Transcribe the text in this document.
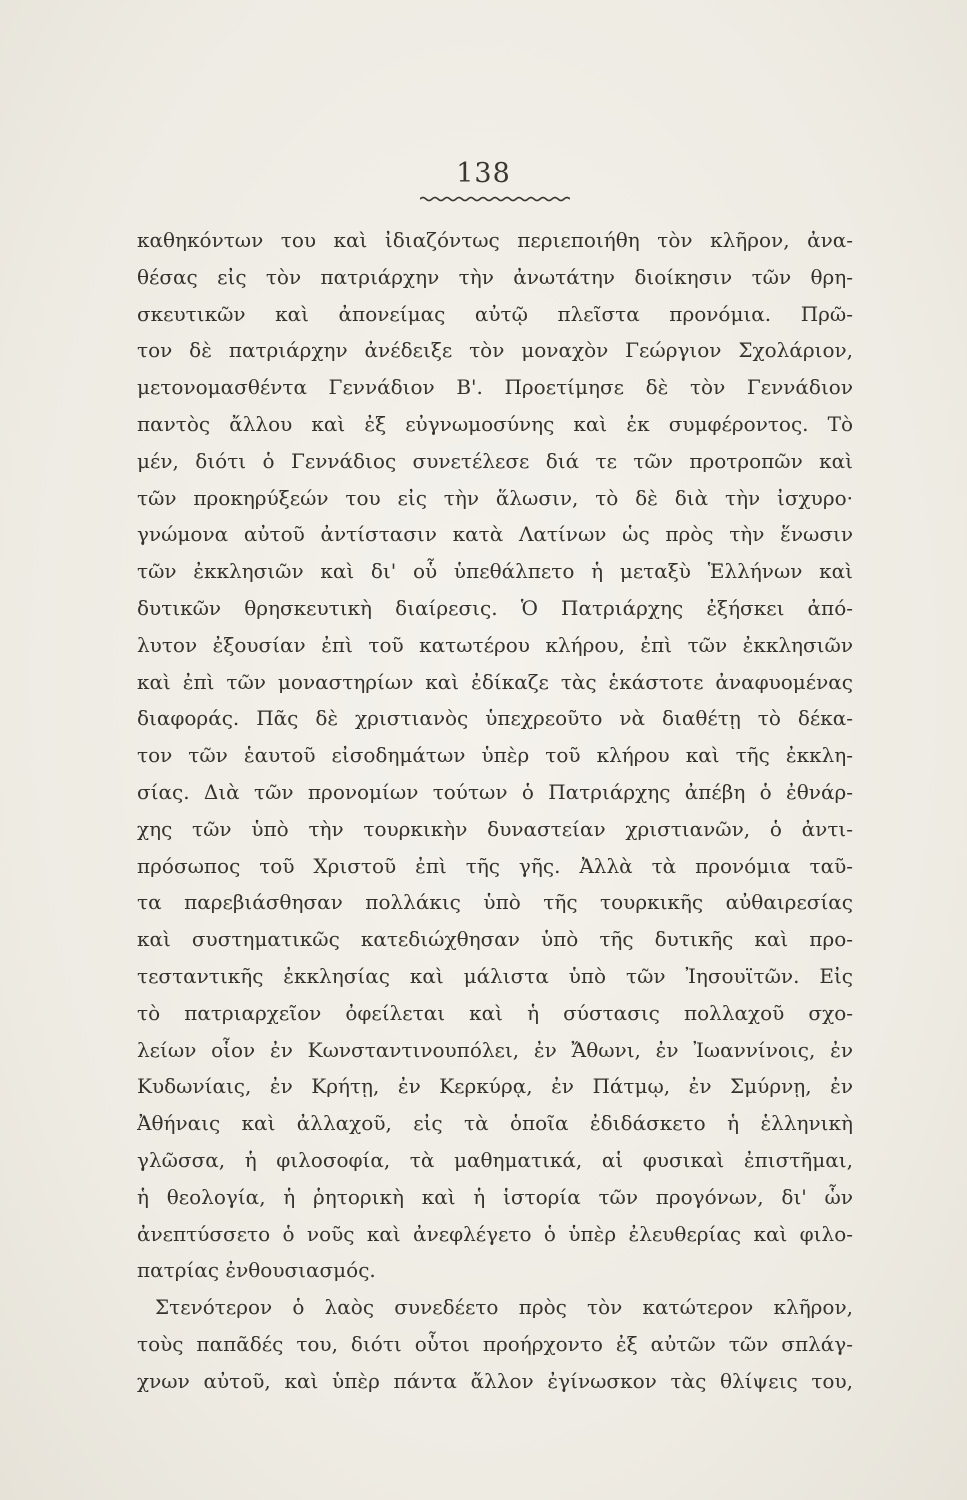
138
καθηκόντων του καὶ ἰδιαζόντως περιεποιήθη τὸν κλῆρον, ἀνα-
θέσας εἰς τὸν πατριάρχην τὴν ἀνωτάτην διοίκησιν τῶν θρη-
σκευτικῶν καὶ ἀπονείμας αὐτῷ πλεῖστα προνόμια. Πρῶ-
τον δὲ πατριάρχην ἀνέδειξε τὸν μοναχὸν Γεώργιον Σχολάριον,
μετονομασθέντα Γεννάδιον Β'. Προετίμησε δὲ τὸν Γεννάδιον
παντὸς ἄλλου καὶ ἐξ εὐγνωμοσύνης καὶ ἐκ συμφέροντος. Τὸ
μέν, διότι ὁ Γεννάδιος συνετέλεσε διά τε τῶν προτροπῶν καὶ
τῶν προκηρύξεών του εἰς τὴν ἅλωσιν, τὸ δὲ διὰ τὴν ἰσχυρο·
γνώμονα αὐτοῦ ἀντίστασιν κατὰ Λατίνων ὡς πρὸς τὴν ἕνωσιν
τῶν ἐκκλησιῶν καὶ δι' οὗ ὑπεθάλπετο ἡ μεταξὺ Ἑλλήνων καὶ
δυτικῶν θρησκευτικὴ διαίρεσις. Ὁ Πατριάρχης ἐξήσκει ἀπό-
λυτον ἐξουσίαν ἐπὶ τοῦ κατωτέρου κλήρου, ἐπὶ τῶν ἐκκλησιῶν
καὶ ἐπὶ τῶν μοναστηρίων καὶ ἐδίκαζε τὰς ἑκάστοτε ἀναφυομένας
διαφοράς. Πᾶς δὲ χριστιανὸς ὑπεχρεοῦτο νὰ διαθέτῃ τὸ δέκα-
τον τῶν ἑαυτοῦ εἰσοδημάτων ὑπὲρ τοῦ κλήρου καὶ τῆς ἐκκλη-
σίας. Διὰ τῶν προνομίων τούτων ὁ Πατριάρχης ἀπέβη ὁ ἐθνάρ-
χης τῶν ὑπὸ τὴν τουρκικὴν δυναστείαν χριστιανῶν, ὁ ἀντι-
πρόσωπος τοῦ Χριστοῦ ἐπὶ τῆς γῆς. Ἀλλὰ τὰ προνόμια ταῦ-
τα παρεβιάσθησαν πολλάκις ὑπὸ τῆς τουρκικῆς αὐθαιρεσίας
καὶ συστηματικῶς κατεδιώχθησαν ὑπὸ τῆς δυτικῆς καὶ προ-
τεσταντικῆς ἐκκλησίας καὶ μάλιστα ὑπὸ τῶν Ἰησουϊτῶν. Εἰς
τὸ πατριαρχεῖον ὀφείλεται καὶ ἡ σύστασις πολλαχοῦ σχο-
λείων οἷον ἐν Κωνσταντινουπόλει, ἐν Ἄθωνι, ἐν Ἰωαννίνοις, ἐν
Κυδωνίαις, ἐν Κρήτῃ, ἐν Κερκύρᾳ, ἐν Πάτμῳ, ἐν Σμύρνῃ, ἐν
Ἀθήναις καὶ ἀλλαχοῦ, εἰς τὰ ὁποῖα ἐδιδάσκετο ἡ ἑλληνικὴ
γλῶσσα, ἡ φιλοσοφία, τὰ μαθηματικά, αἱ φυσικαὶ ἐπιστῆμαι,
ἡ θεολογία, ἡ ῥητορικὴ καὶ ἡ ἱστορία τῶν προγόνων, δι' ὧν
ἀνεπτύσσετο ὁ νοῦς καὶ ἀνεφλέγετο ὁ ὑπὲρ ἐλευθερίας καὶ φιλο-
πατρίας ἐνθουσιασμός.
Στενότερον ὁ λαὸς συνεδέετο πρὸς τὸν κατώτερον κλῆρον,
τοὺς παπᾶδές του, διότι οὗτοι προήρχοντο ἐξ αὐτῶν τῶν σπλάγ-
χνων αὐτοῦ, καὶ ὑπὲρ πάντα ἄλλον ἐγίνωσκον τὰς θλίψεις του,
